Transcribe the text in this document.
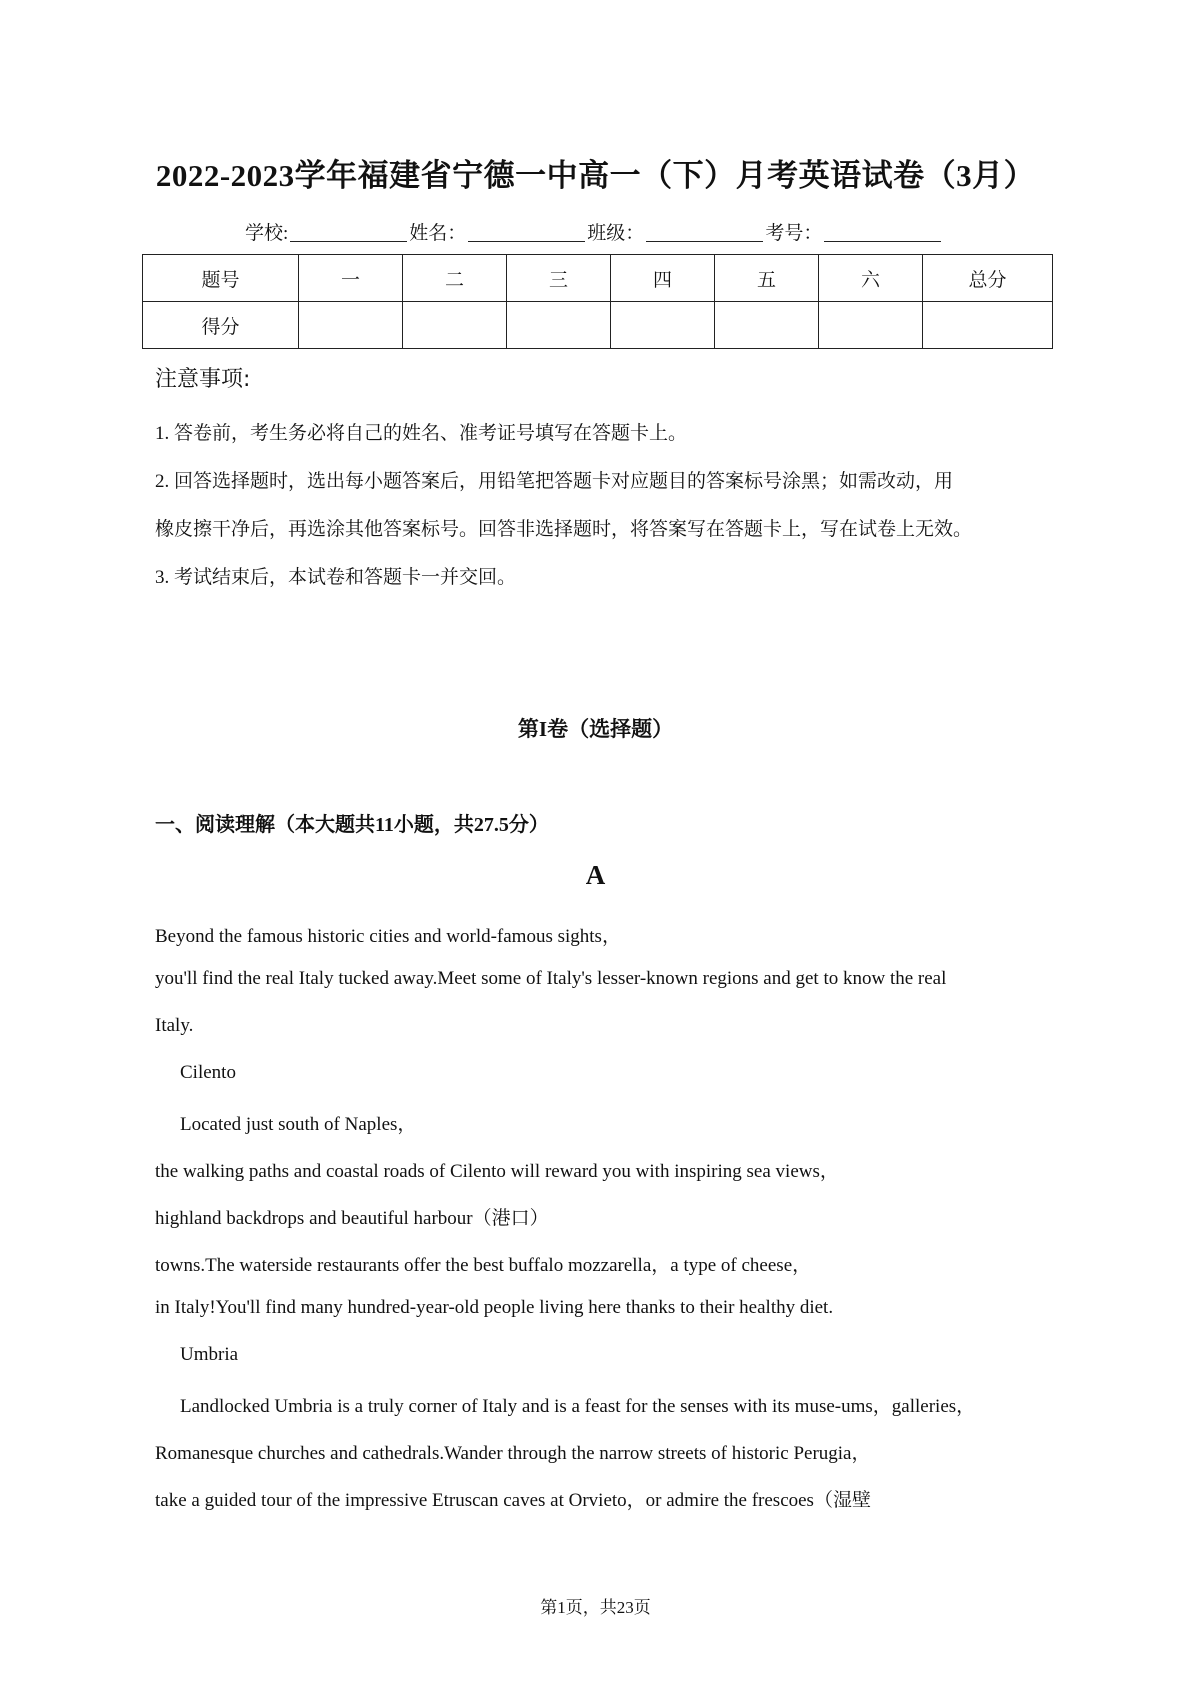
2022-2023学年福建省宁德一中高一（下）月考英语试卷（3月）
学校:	姓名：	班级：	考号：
题号	一	二	三	四	五	六	总分
得分							
注意事项:
1. 答卷前，考生务必将自己的姓名、准考证号填写在答题卡上。
2. 回答选择题时，选出每小题答案后，用铅笔把答题卡对应题目的答案标号涂黑；如需改动，用
橡皮擦干净后，再选涂其他答案标号。回答非选择题时，将答案写在答题卡上，写在试卷上无效。
3. 考试结束后，本试卷和答题卡一并交回。
第I卷（选择题）
一、阅读理解（本大题共11小题，共27.5分）
A
Beyond the famous historic cities and world-famous sights，
you'll find the real Italy tucked away.Meet some of Italy's lesser-known regions and get to know the real
Italy.
Cilento
Located just south of Naples，
the walking paths and coastal roads of Cilento will reward you with inspiring sea views，
highland backdrops and beautiful harbour（港口）
towns.The waterside restaurants offer the best buffalo mozzarella，a type of cheese，
in Italy!You'll find many hundred-year-old people living here thanks to their healthy diet.
Umbria
Landlocked Umbria is a truly corner of Italy and is a feast for the senses with its muse-ums，galleries，
Romanesque churches and cathedrals.Wander through the narrow streets of historic Perugia，
take a guided tour of the impressive Etruscan caves at Orvieto，or admire the frescoes（湿壁
第1页，共23页
